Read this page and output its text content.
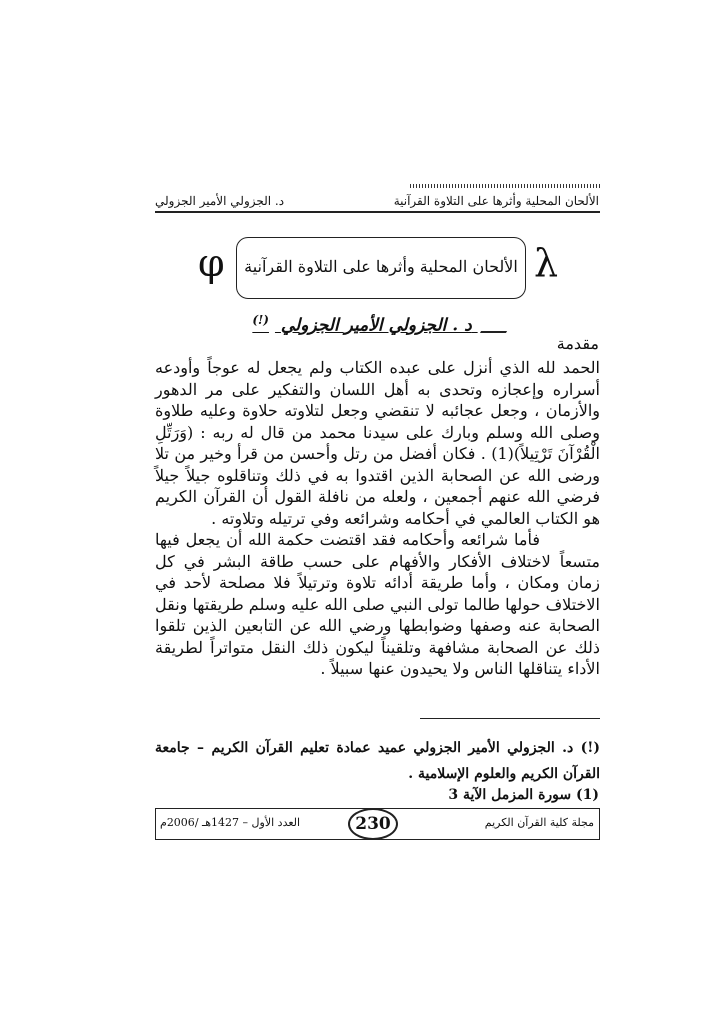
د. الجزولي الأمير الجزولي	الألحان المحلية وأثرها على التلاوة القرآنية
φ	الألحان المحلية وأثرها على التلاوة القرآنية λ
د . الجزولي الأمير الجزولي (!)
مقدمة

الحمد لله الذي أنزل على عبده الكتاب ولم يجعل له عوجاً وأودعه أسراره وإعجازه وتحدى به أهل اللسان والتفكير على مر الدهور والأزمان ، وجعل عجائبه لا تنقضي وجعل لتلاوته حلاوة وعليه طلاوة وصلى الله وسلم وبارك على سيدنا محمد من قال له ربه : (وَرَتِّلِ الْقُرْآنَ تَرْتِيلاً)(1) . فكان أفضل من رتل وأحسن من قرأ وخير من تلا ورضى الله عن الصحابة الذين اقتدوا به في ذلك وتناقلوه جيلاً جيلاً فرضي الله عنهم أجمعين ، ولعله من نافلة القول أن القرآن الكريم هو الكتاب العالمي في أحكامه وشرائعه وفي ترتيله وتلاوته .

فأما شرائعه وأحكامه فقد اقتضت حكمة الله أن يجعل فيها متسعاً لاختلاف الأفكار والأفهام على حسب طاقة البشر في كل زمان ومكان ، وأما طريقة أدائه تلاوة وترتيلاً فلا مصلحة لأحد في الاختلاف حولها طالما تولى النبي صلى الله عليه وسلم طريقتها ونقل الصحابة عنه وصفها وضوابطها ورضي الله عن التابعين الذين تلقوا ذلك عن الصحابة مشافهة وتلقيناً ليكون ذلك النقل متواتراً لطريقة الأداء يتناقلها الناس ولا يحيدون عنها سبيلاً .

(!) د. الجزولي الأمير الجزولي عميد عمادة تعليم القرآن الكريم – جامعة القرآن الكريم والعلوم الإسلامية .
(1) سورة المزمل الآية 3
العدد الأول – 1427هـ /2006م	230	مجلة كلية القرآن الكريم
